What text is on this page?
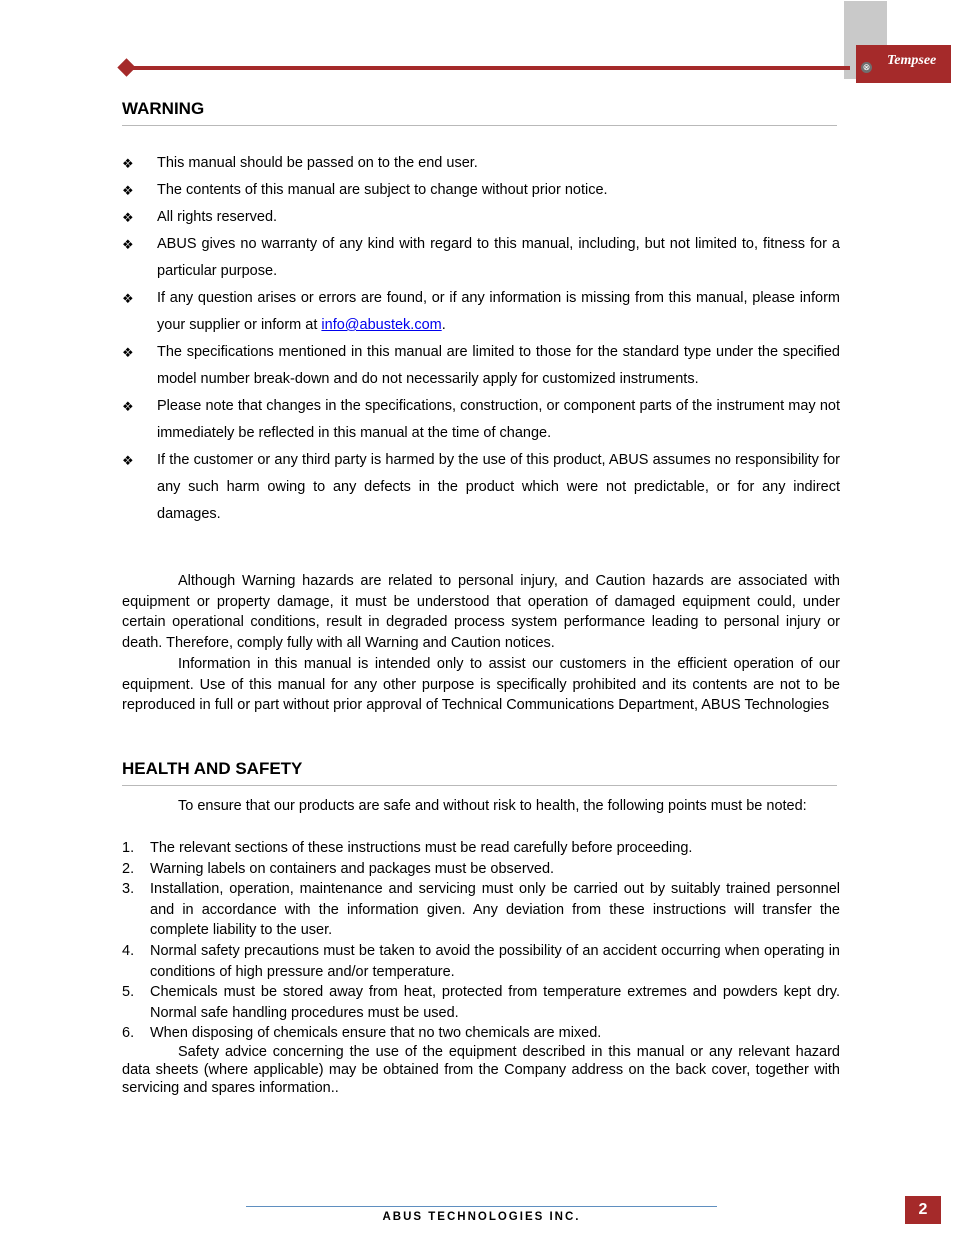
Tempsee
⊗
WARNING
❖ This manual should be passed on to the end user.
❖ The contents of this manual are subject to change without prior notice.
❖ All rights reserved.
❖ ABUS gives no warranty of any kind with regard to this manual, including, but not limited to, fitness for a particular purpose.
❖ If any question arises or errors are found, or if any information is missing from this manual, please inform your supplier or inform at info@abustek.com.
❖ The specifications mentioned in this manual are limited to those for the standard type under the specified model number break-down and do not necessarily apply for customized instruments.
❖ Please note that changes in the specifications, construction, or component parts of the instrument may not immediately be reflected in this manual at the time of change.
❖ If the customer or any third party is harmed by the use of this product, ABUS assumes no responsibility for any such harm owing to any defects in the product which were not predictable, or for any indirect damages.

Although Warning hazards are related to personal injury, and Caution hazards are associated with equipment or property damage, it must be understood that operation of damaged equipment could, under certain operational conditions, result in degraded process system performance leading to personal injury or death. Therefore, comply fully with all Warning and Caution notices.

Information in this manual is intended only to assist our customers in the efficient operation of our equipment. Use of this manual for any other purpose is specifically prohibited and its contents are not to be reproduced in full or part without prior approval of Technical Communications Department, ABUS Technologies

HEALTH AND SAFETY

To ensure that our products are safe and without risk to health, the following points must be noted:

1. The relevant sections of these instructions must be read carefully before proceeding.
2. Warning labels on containers and packages must be observed.
3. Installation, operation, maintenance and servicing must only be carried out by suitably trained personnel and in accordance with the information given. Any deviation from these instructions will transfer the complete liability to the user.
4. Normal safety precautions must be taken to avoid the possibility of an accident occurring when operating in conditions of high pressure and/or temperature.
5. Chemicals must be stored away from heat, protected from temperature extremes and powders kept dry. Normal safe handling procedures must be used.
6. When disposing of chemicals ensure that no two chemicals are mixed.

Safety advice concerning the use of the equipment described in this manual or any relevant hazard data sheets (where applicable) may be obtained from the Company address on the back cover, together with servicing and spares information..

ABUS TECHNOLOGIES INC.	2
